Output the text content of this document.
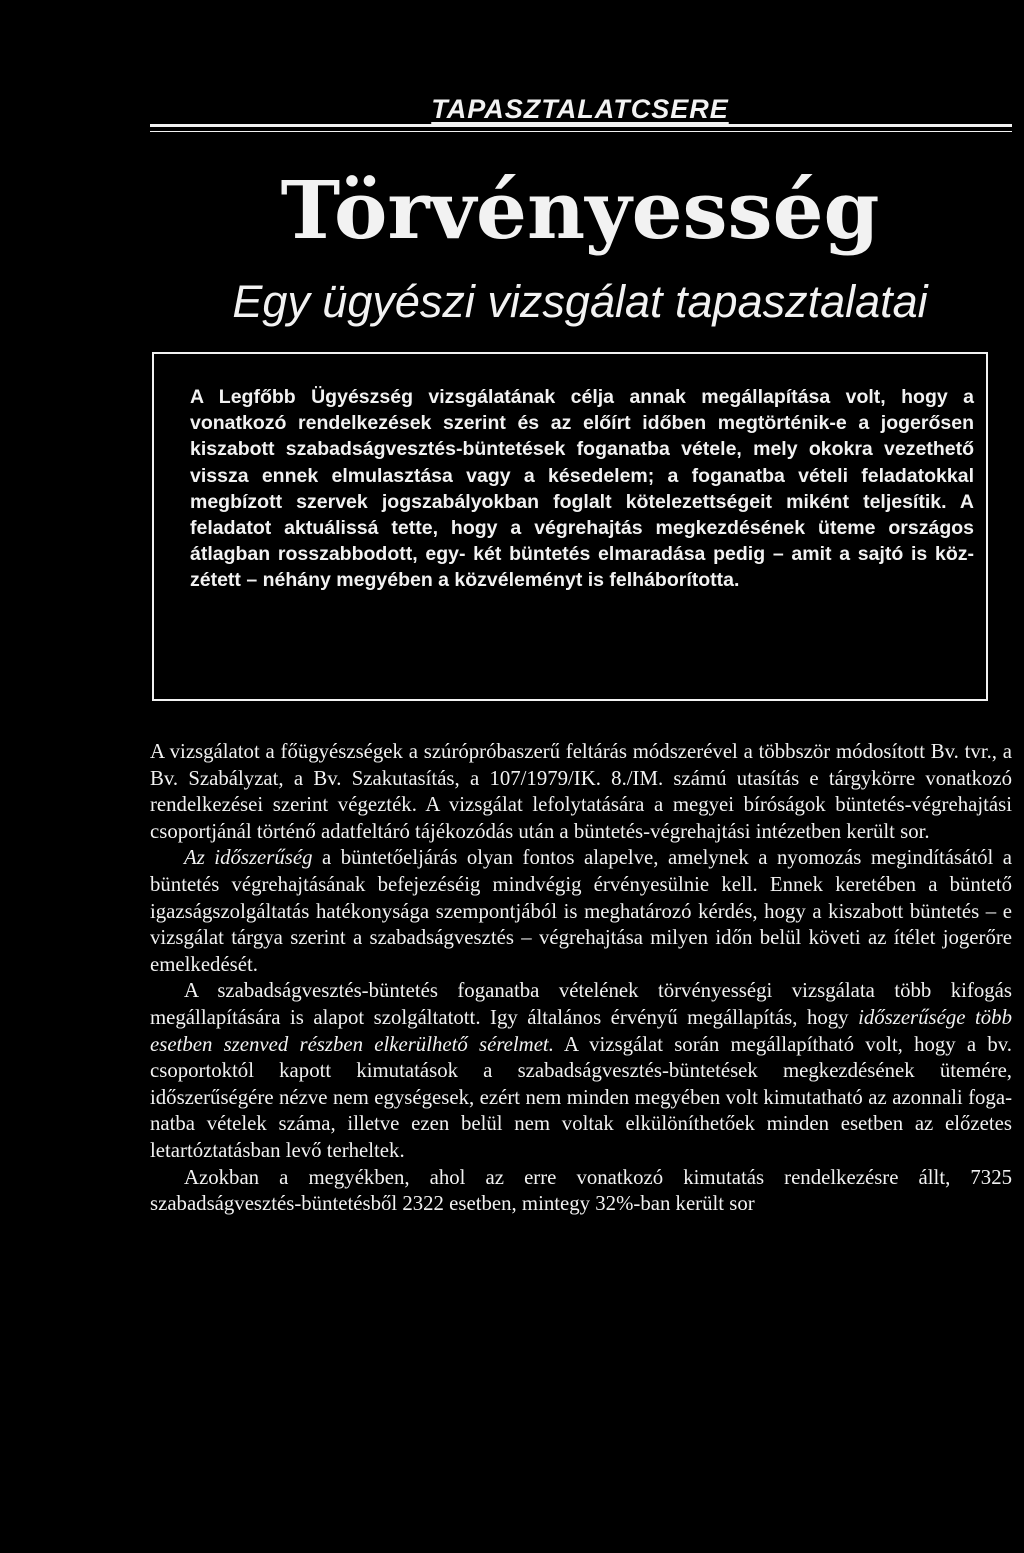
TAPASZTALATCSERE
Törvényesség
Egy ügyészi vizsgálat tapasztalatai

A Legfőbb Ügyészség vizsgálatának célja annak megállapítása volt, hogy a vonatkozó rendelkezések szerint és az előírt időben megtörténik-e a jogerősen kiszabott szabadságvesztés-büntetések foganatba vétele, mely okokra vezethető vissza ennek elmulasztása vagy a késedelem; a foganatba vételi feladatokkal megbízott szervek jogszabályokban foglalt kötelezettségeit miként teljesítik. A feladatot aktuálissá tette, hogy a végrehajtás megkezdésének üteme országos átlagban rosszabbodott, egy- két büntetés elmaradása pedig – amit a sajtó is közzétett – néhány megyében a közvéleményt is felháborította.

A vizsgálatot a főügyészségek a szúrópróbaszerű feltárás módszerével a többször módosított Bv. tvr., a Bv. Szabályzat, a Bv. Szakutasítás, a 107/1979/IK. 8./IM. számú utasítás e tárgykörre vonatkozó rendelkezései szerint végezték. A vizsgálat lefolytatására a megyei bíróságok büntetés-végrehajtási csoportjánál történő adatfeltáró tájékozódás után a büntetés-végrehajtási intézetben került sor.

Az időszerűség a büntetőeljárás olyan fontos alapelve, amelynek a nyomozás megindításától a büntetés végrehajtásának befejezéséig mindvégig érvényesülnie kell. Ennek keretében a büntető igazságszolgáltatás hatékonysága szempontjából is meghatározó kérdés, hogy a kiszabott büntetés – e vizsgálat tárgya szerint a szabadságvesztés – végrehajtása milyen időn belül követi az ítélet jogerőre emelkedését.

A szabadságvesztés-büntetés foganatba vételének törvényességi vizsgálata több kifogás megállapítására is alapot szolgáltatott. Igy általános érvényű megállapítás, hogy időszerűsége több esetben szenved részben elkerülhető sérelmet. A vizsgálat során megállapítható volt, hogy a bv. csoportoktól kapott kimutatások a szabadságvesztés-büntetések megkezdésének ütemére, időszerűségére nézve nem egységesek, ezért nem minden megyében volt kimutatható az azonnali foganatba vételek száma, illetve ezen belül nem voltak elkülöníthetőek minden esetben az előzetes letartóztatásban levő terheltek.

Azokban a megyékben, ahol az erre vonatkozó kimutatás rendelkezésre állt, 7325 szabadságvesztés-büntetésből 2322 esetben, mintegy 32%-ban került sor
